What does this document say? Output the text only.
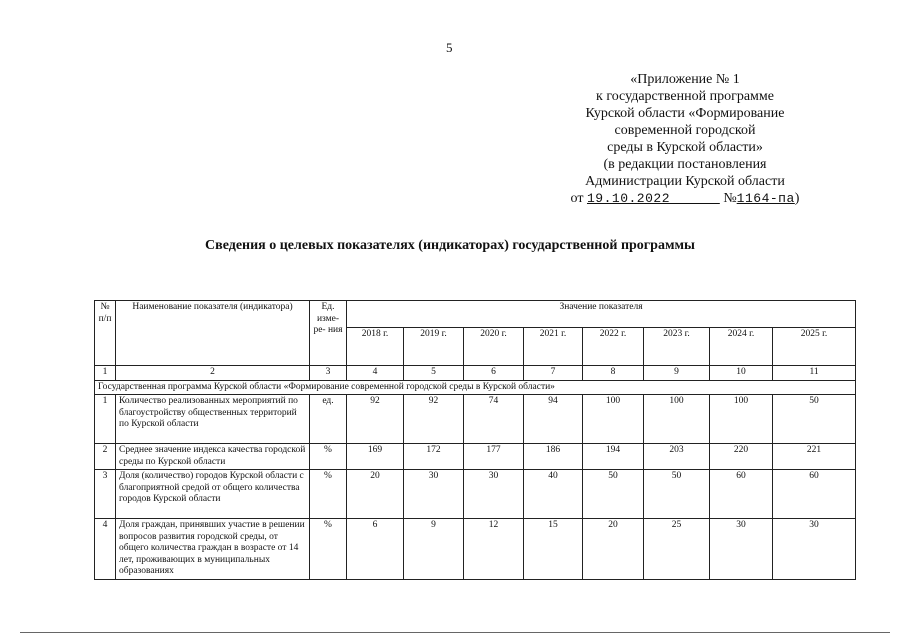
5
«Приложение № 1
к государственной программе
Курской области «Формирование
современной городской
среды в Курской области»
(в редакции постановления
Администрации Курской области
от 19.10.2022	№1164-па)
Сведения о целевых показателях (индикаторах) государственной программы
№ п/п	Наименование показателя (индикатора)	Ед. изме- ре- ния	Значение показателя							
			2018 г.	2019 г.	2020 г.	2021 г.	2022 г.	2023 г.	2024 г.	2025 г.
1	2	3	4	5	6	7	8	9	10	11
Государственная программа Курской области «Формирование современной городской среды в Курской области»										
1	Количество реализованных мероприятий по благоустройству общественных территорий по Курской области	ед.	92	92	74	94	100	100	100	50
2	Среднее значение индекса качества городской среды по Курской области	%	169	172	177	186	194	203	220	221
3	Доля (количество) городов Курской области с благоприятной средой от общего количества городов Курской области	%	20	30	30	40	50	50	60	60
4	Доля граждан, принявших участие в решении вопросов развития городской среды, от общего количества граждан в возрасте от 14 лет, проживающих в муниципальных образованиях	%	6	9	12	15	20	25	30	30
